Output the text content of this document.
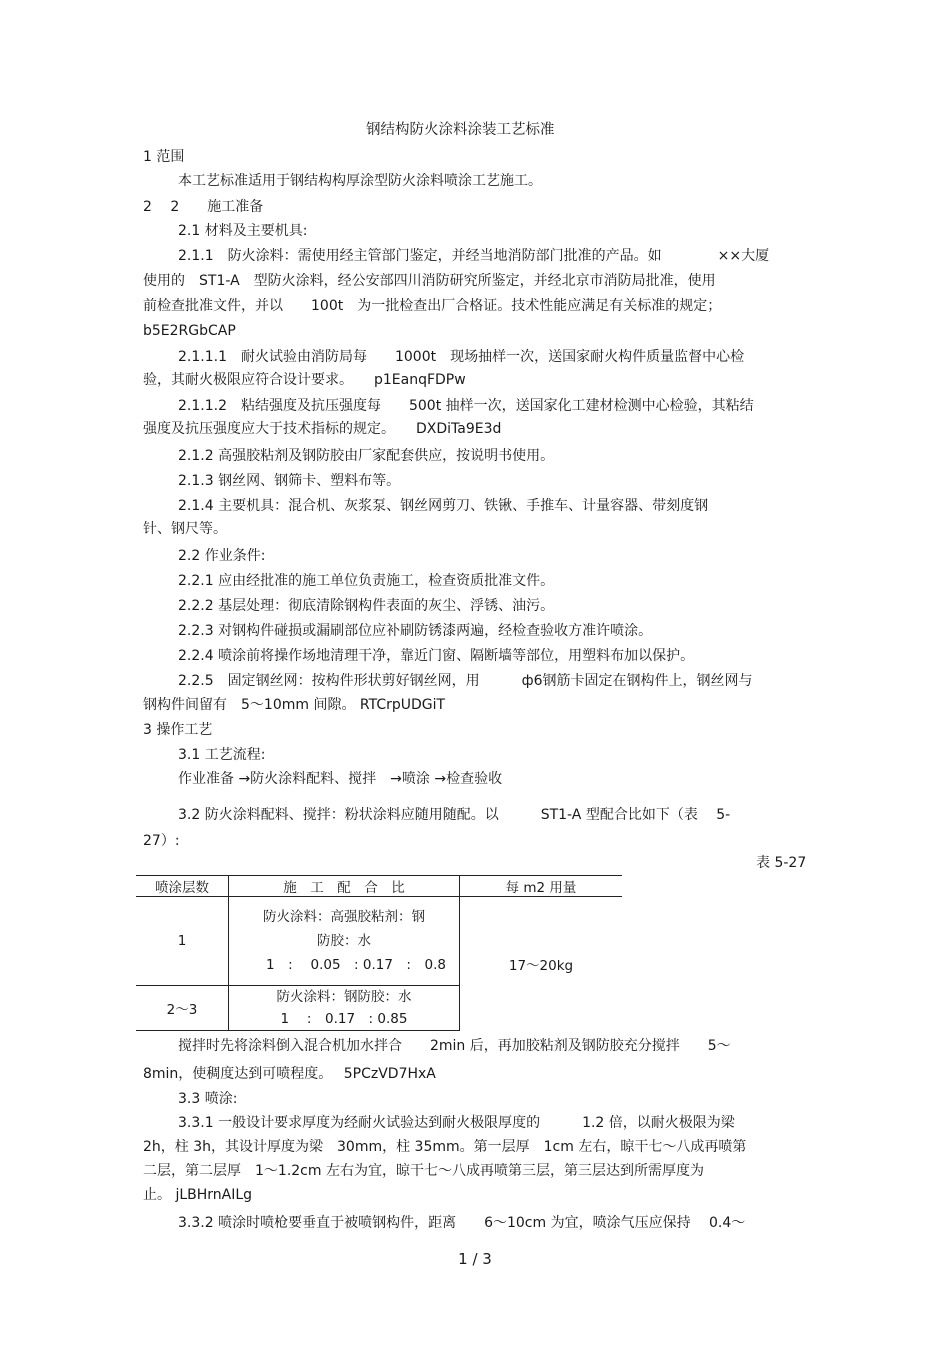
钢结构防火涂料涂装工艺标准
1 范围
本工艺标准适用于钢结构构厚涂型防火涂料喷涂工艺施工。
2　 2　　施工准备
2.1 材料及主要机具:
2.1.1　防火涂料：需使用经主管部门鉴定，并经当地消防部门批准的产品。如　　　　××大厦
使用的　ST1-A　型防火涂料，经公安部四川消防研究所鉴定，并经北京市消防局批准，使用
前检查批准文件，并以　　100t　为一批检查出厂合格证。技术性能应满足有关标准的规定；
b5E2RGbCAP
2.1.1.1　耐火试验由消防局每　　1000t　现场抽样一次，送国家耐火构件质量监督中心检
验，其耐火极限应符合设计要求。　　p1EanqFDPw
2.1.1.2　粘结强度及抗压强度每　　500t 抽样一次，送国家化工建材检测中心检验，其粘结
强度及抗压强度应大于技术指标的规定。　　DXDiTa9E3d
2.1.2 高强胶粘剂及钢防胶由厂家配套供应，按说明书使用。
2.1.3 钢丝网、钢筛卡、塑料布等。
2.1.4 主要机具：混合机、灰浆泵、钢丝网剪刀、铁锹、手推车、计量容器、带刻度钢
针、钢尺等。
2.2 作业条件:
2.2.1 应由经批准的施工单位负责施工，检查资质批准文件。
2.2.2 基层处理：彻底清除钢构件表面的灰尘、浮锈、油污。
2.2.3 对钢构件碰损或漏刷部位应补刷防锈漆两遍，经检查验收方准许喷涂。
2.2.4 喷涂前将操作场地清理干净，靠近门窗、隔断墙等部位，用塑料布加以保护。
2.2.5　固定钢丝网：按构件形状剪好钢丝网，用　　　ф6钢筋卡固定在钢构件上，钢丝网与
钢构件间留有　5～10mm 间隙。 RTCrpUDGiT
3 操作工艺
3.1 工艺流程:
作业准备 →防火涂料配料、搅拌　→喷涂 →检查验收
3.2 防火涂料配料、搅拌：粉状涂料应随用随配。以　　　ST1-A 型配合比如下（表　 5-
27）:
表 5-27
喷涂层数	施　工　配　合　比	每 m2 用量
1	防火涂料：高强胶粘剂：钢
防胶：水
1　:　 0.05　: 0.17　:　0.8	17～20kg
2～3	防火涂料：钢防胶：水
1　 :　0.17　: 0.85	
搅拌时先将涂料倒入混合机加水拌合　　2min 后，再加胶粘剂及钢防胶充分搅拌　　5～
8min，使稠度达到可喷程度。　 5PCzVD7HxA
3.3 喷涂:
3.3.1 一般设计要求厚度为经耐火试验达到耐火极限厚度的　　　1.2 倍，以耐火极限为梁
2h，柱 3h，其设计厚度为梁　30mm，柱 35mm。第一层厚　1cm 左右，晾干七～八成再喷第
二层，第二层厚　1～1.2cm 左右为宜，晾干七～八成再喷第三层，第三层达到所需厚度为
止。 jLBHrnAILg
3.3.2 喷涂时喷枪要垂直于被喷钢构件，距离　　6～10cm 为宜，喷涂气压应保持　 0.4～
1 / 3
